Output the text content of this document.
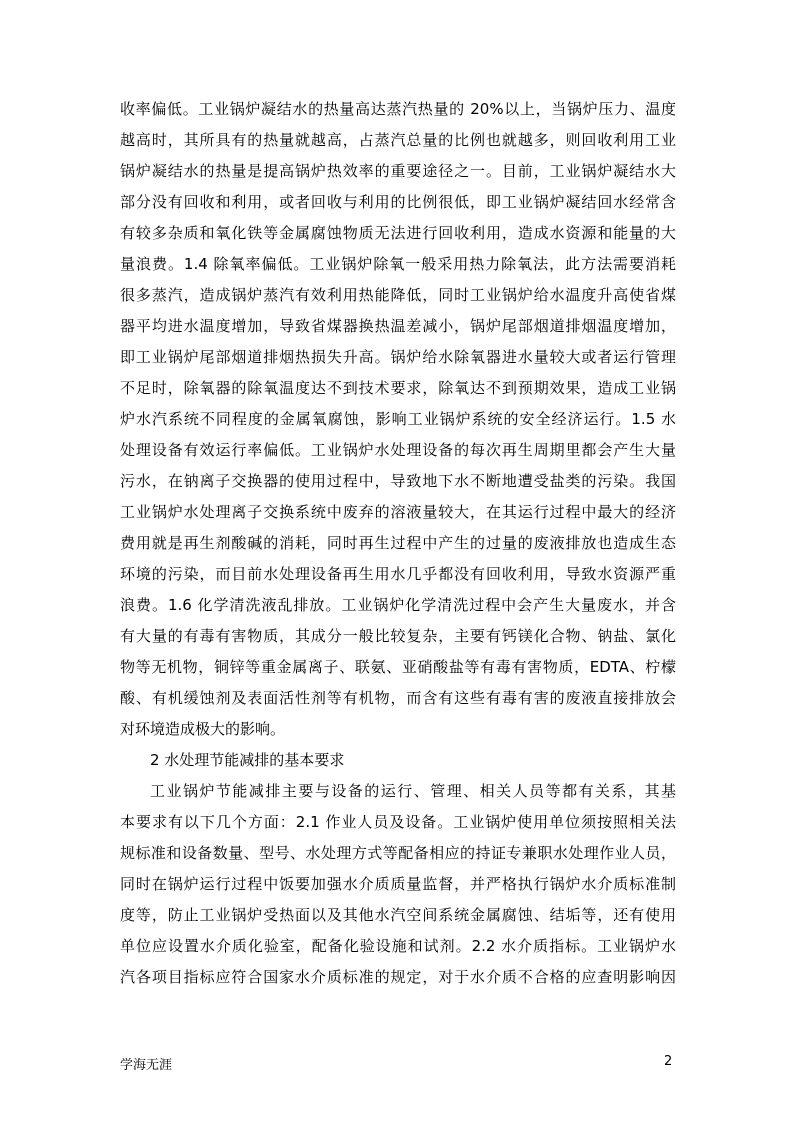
收率偏低。工业锅炉凝结水的热量高达蒸汽热量的 20%以上，当锅炉压力、温度
越高时，其所具有的热量就越高，占蒸汽总量的比例也就越多，则回收利用工业
锅炉凝结水的热量是提高锅炉热效率的重要途径之一。目前，工业锅炉凝结水大
部分没有回收和利用，或者回收与利用的比例很低，即工业锅炉凝结回水经常含
有较多杂质和氧化铁等金属腐蚀物质无法进行回收利用，造成水资源和能量的大
量浪费。1.4 除氧率偏低。工业锅炉除氧一般采用热力除氧法，此方法需要消耗
很多蒸汽，造成锅炉蒸汽有效利用热能降低，同时工业锅炉给水温度升高使省煤
器平均进水温度增加，导致省煤器换热温差减小，锅炉尾部烟道排烟温度增加，
即工业锅炉尾部烟道排烟热损失升高。锅炉给水除氧器进水量较大或者运行管理
不足时，除氧器的除氧温度达不到技术要求，除氧达不到预期效果，造成工业锅
炉水汽系统不同程度的金属氧腐蚀，影响工业锅炉系统的安全经济运行。1.5 水
处理设备有效运行率偏低。工业锅炉水处理设备的每次再生周期里都会产生大量
污水，在钠离子交换器的使用过程中，导致地下水不断地遭受盐类的污染。我国
工业锅炉水处理离子交换系统中废弃的溶液量较大，在其运行过程中最大的经济
费用就是再生剂酸碱的消耗，同时再生过程中产生的过量的废液排放也造成生态
环境的污染，而目前水处理设备再生用水几乎都没有回收利用，导致水资源严重
浪费。1.6 化学清洗液乱排放。工业锅炉化学清洗过程中会产生大量废水，并含
有大量的有毒有害物质，其成分一般比较复杂，主要有钙镁化合物、钠盐、氯化
物等无机物，铜锌等重金属离子、联氨、亚硝酸盐等有毒有害物质，EDTA、柠檬
酸、有机缓蚀剂及表面活性剂等有机物，而含有这些有毒有害的废液直接排放会
对环境造成极大的影响。
2 水处理节能减排的基本要求
工业锅炉节能减排主要与设备的运行、管理、相关人员等都有关系，其基
本要求有以下几个方面：2.1 作业人员及设备。工业锅炉使用单位须按照相关法
规标准和设备数量、型号、水处理方式等配备相应的持证专兼职水处理作业人员，
同时在锅炉运行过程中饭要加强水介质质量监督，并严格执行锅炉水介质标准制
度等，防止工业锅炉受热面以及其他水汽空间系统金属腐蚀、结垢等，还有使用
单位应设置水介质化验室，配备化验设施和试剂。2.2 水介质指标。工业锅炉水
汽各项目指标应符合国家水介质标准的规定，对于水介质不合格的应查明影响因
学海无涯	2
